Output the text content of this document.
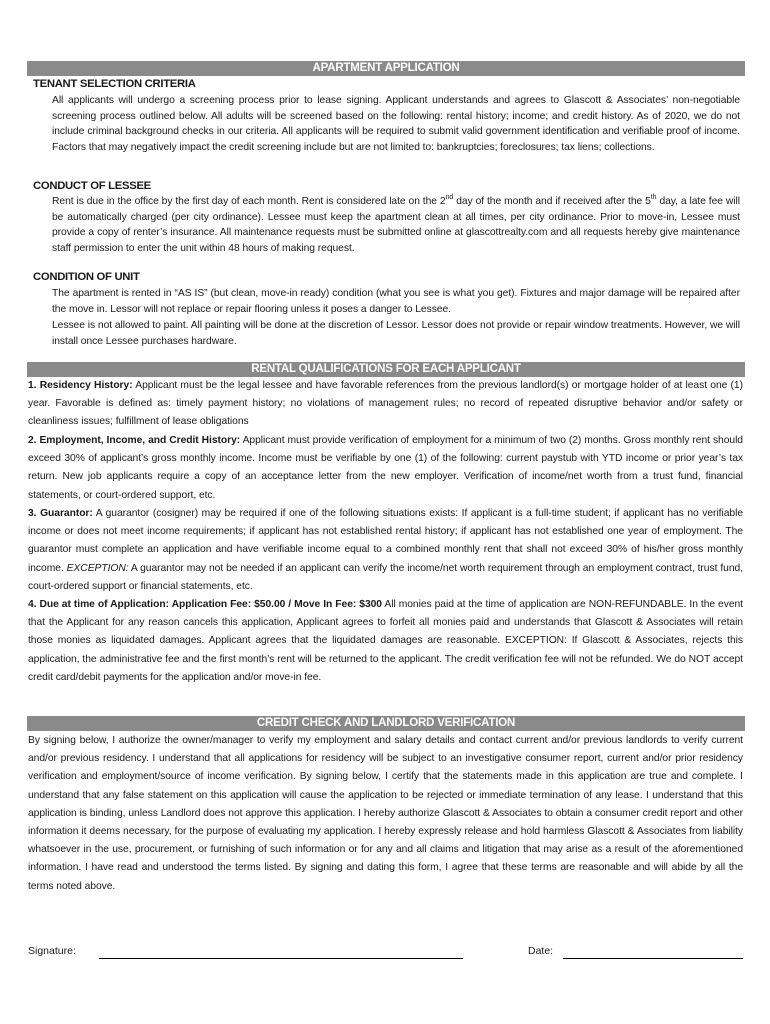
APARTMENT APPLICATION
TENANT SELECTION CRITERIA
All applicants will undergo a screening process prior to lease signing. Applicant understands and agrees to Glascott & Associates’ non-negotiable screening process outlined below. All adults will be screened based on the following: rental history; income; and credit history. As of 2020, we do not include criminal background checks in our criteria. All applicants will be required to submit valid government identification and verifiable proof of income. Factors that may negatively impact the credit screening include but are not limited to: bankruptcies; foreclosures; tax liens; collections.
CONDUCT OF LESSEE
Rent is due in the office by the first day of each month. Rent is considered late on the 2nd day of the month and if received after the 5th day, a late fee will be automatically charged (per city ordinance). Lessee must keep the apartment clean at all times, per city ordinance. Prior to move-in, Lessee must provide a copy of renter’s insurance. All maintenance requests must be submitted online at glascottrealty.com and all requests hereby give maintenance staff permission to enter the unit within 48 hours of making request.
CONDITION OF UNIT
The apartment is rented in “AS IS” (but clean, move-in ready) condition (what you see is what you get). Fixtures and major damage will be repaired after the move in. Lessor will not replace or repair flooring unless it poses a danger to Lessee.
Lessee is not allowed to paint. All painting will be done at the discretion of Lessor. Lessor does not provide or repair window treatments. However, we will install once Lessee purchases hardware.
RENTAL QUALIFICATIONS FOR EACH APPLICANT
1. Residency History: Applicant must be the legal lessee and have favorable references from the previous landlord(s) or mortgage holder of at least one (1) year. Favorable is defined as: timely payment history; no violations of management rules; no record of repeated disruptive behavior and/or safety or cleanliness issues; fulfillment of lease obligations
2. Employment, Income, and Credit History: Applicant must provide verification of employment for a minimum of two (2) months. Gross monthly rent should exceed 30% of applicant’s gross monthly income. Income must be verifiable by one (1) of the following: current paystub with YTD income or prior year’s tax return. New job applicants require a copy of an acceptance letter from the new employer. Verification of income/net worth from a trust fund, financial statements, or court-ordered support, etc.
3. Guarantor: A guarantor (cosigner) may be required if one of the following situations exists: If applicant is a full-time student; if applicant has no verifiable income or does not meet income requirements; if applicant has not established rental history; if applicant has not established one year of employment. The guarantor must complete an application and have verifiable income equal to a combined monthly rent that shall not exceed 30% of his/her gross monthly income. EXCEPTION: A guarantor may not be needed if an applicant can verify the income/net worth requirement through an employment contract, trust fund, court-ordered support or financial statements, etc.
4. Due at time of Application: Application Fee: $50.00 / Move In Fee: $300 All monies paid at the time of application are NON-REFUNDABLE. In the event that the Applicant for any reason cancels this application, Applicant agrees to forfeit all monies paid and understands that Glascott & Associates will retain those monies as liquidated damages. Applicant agrees that the liquidated damages are reasonable. EXCEPTION: If Glascott & Associates, rejects this application, the administrative fee and the first month’s rent will be returned to the applicant. The credit verification fee will not be refunded. We do NOT accept credit card/debit payments for the application and/or move-in fee.
CREDIT CHECK AND LANDLORD VERIFICATION
By signing below, I authorize the owner/manager to verify my employment and salary details and contact current and/or previous landlords to verify current and/or previous residency. I understand that all applications for residency will be subject to an investigative consumer report, current and/or prior residency verification and employment/source of income verification. By signing below, I certify that the statements made in this application are true and complete. I understand that any false statement on this application will cause the application to be rejected or immediate termination of any lease. I understand that this application is binding, unless Landlord does not approve this application. I hereby authorize Glascott & Associates to obtain a consumer credit report and other information it deems necessary, for the purpose of evaluating my application. I hereby expressly release and hold harmless Glascott & Associates from liability whatsoever in the use, procurement, or furnishing of such information or for any and all claims and litigation that may arise as a result of the aforementioned information. I have read and understood the terms listed. By signing and dating this form, I agree that these terms are reasonable and will abide by all the terms noted above.
Signature:	Date:
